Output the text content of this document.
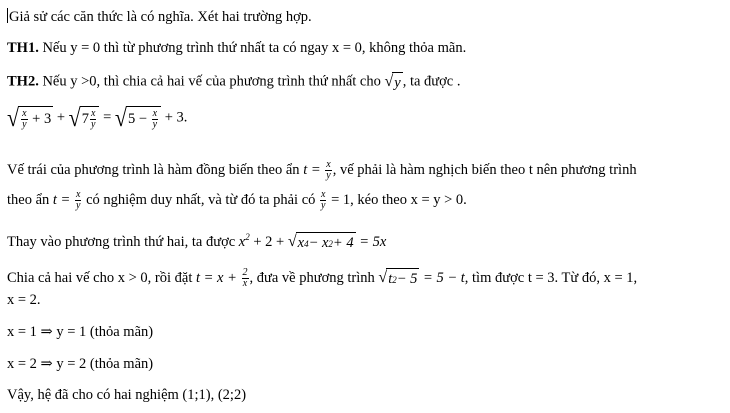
Giả sử các căn thức là có nghĩa. Xét hai trường hợp.
TH1. Nếu y = 0 thì từ phương trình thứ nhất ta có ngay x = 0, không thỏa mãn.
TH2. Nếu y >0, thì chia cả hai vế của phương trình thứ nhất cho √ y , ta được .
√ $\frac{x}{y}$
+ 3 + √ $7 \frac{x}{y}$ = √ 5 −
$\frac{x}{y} + 3$.
Vế trái của phương trình là hàm đồng biến theo ẩn $t = \frac{x}{y}$ , vế phải là hàm nghịch biến theo t nên phương trình
theo ẩn $t = \frac{x}{y}$ có nghiệm duy nhất, và từ đó ta phải có $\frac{x}{y} = 1$, kéo theo x = y > 0.
Thay vào phương trình thứ hai, ta được $x^2 + 2$ + √ x 4 − x 2 + 4 = 5x
Chia cả hai vế cho x > 0, rồi đặt $t = x + \frac{2}{x}$ , đưa về phương trình √ t 2 − 5 = 5 − t, tìm được t = 3. Từ đó, x = 1,
x = 2.
x = 1 ⇒ y = 1 (thỏa mãn)
x = 2 ⇒ y = 2 (thỏa mãn)
Vậy, hệ đã cho có hai nghiệm (1;1), (2;2)
